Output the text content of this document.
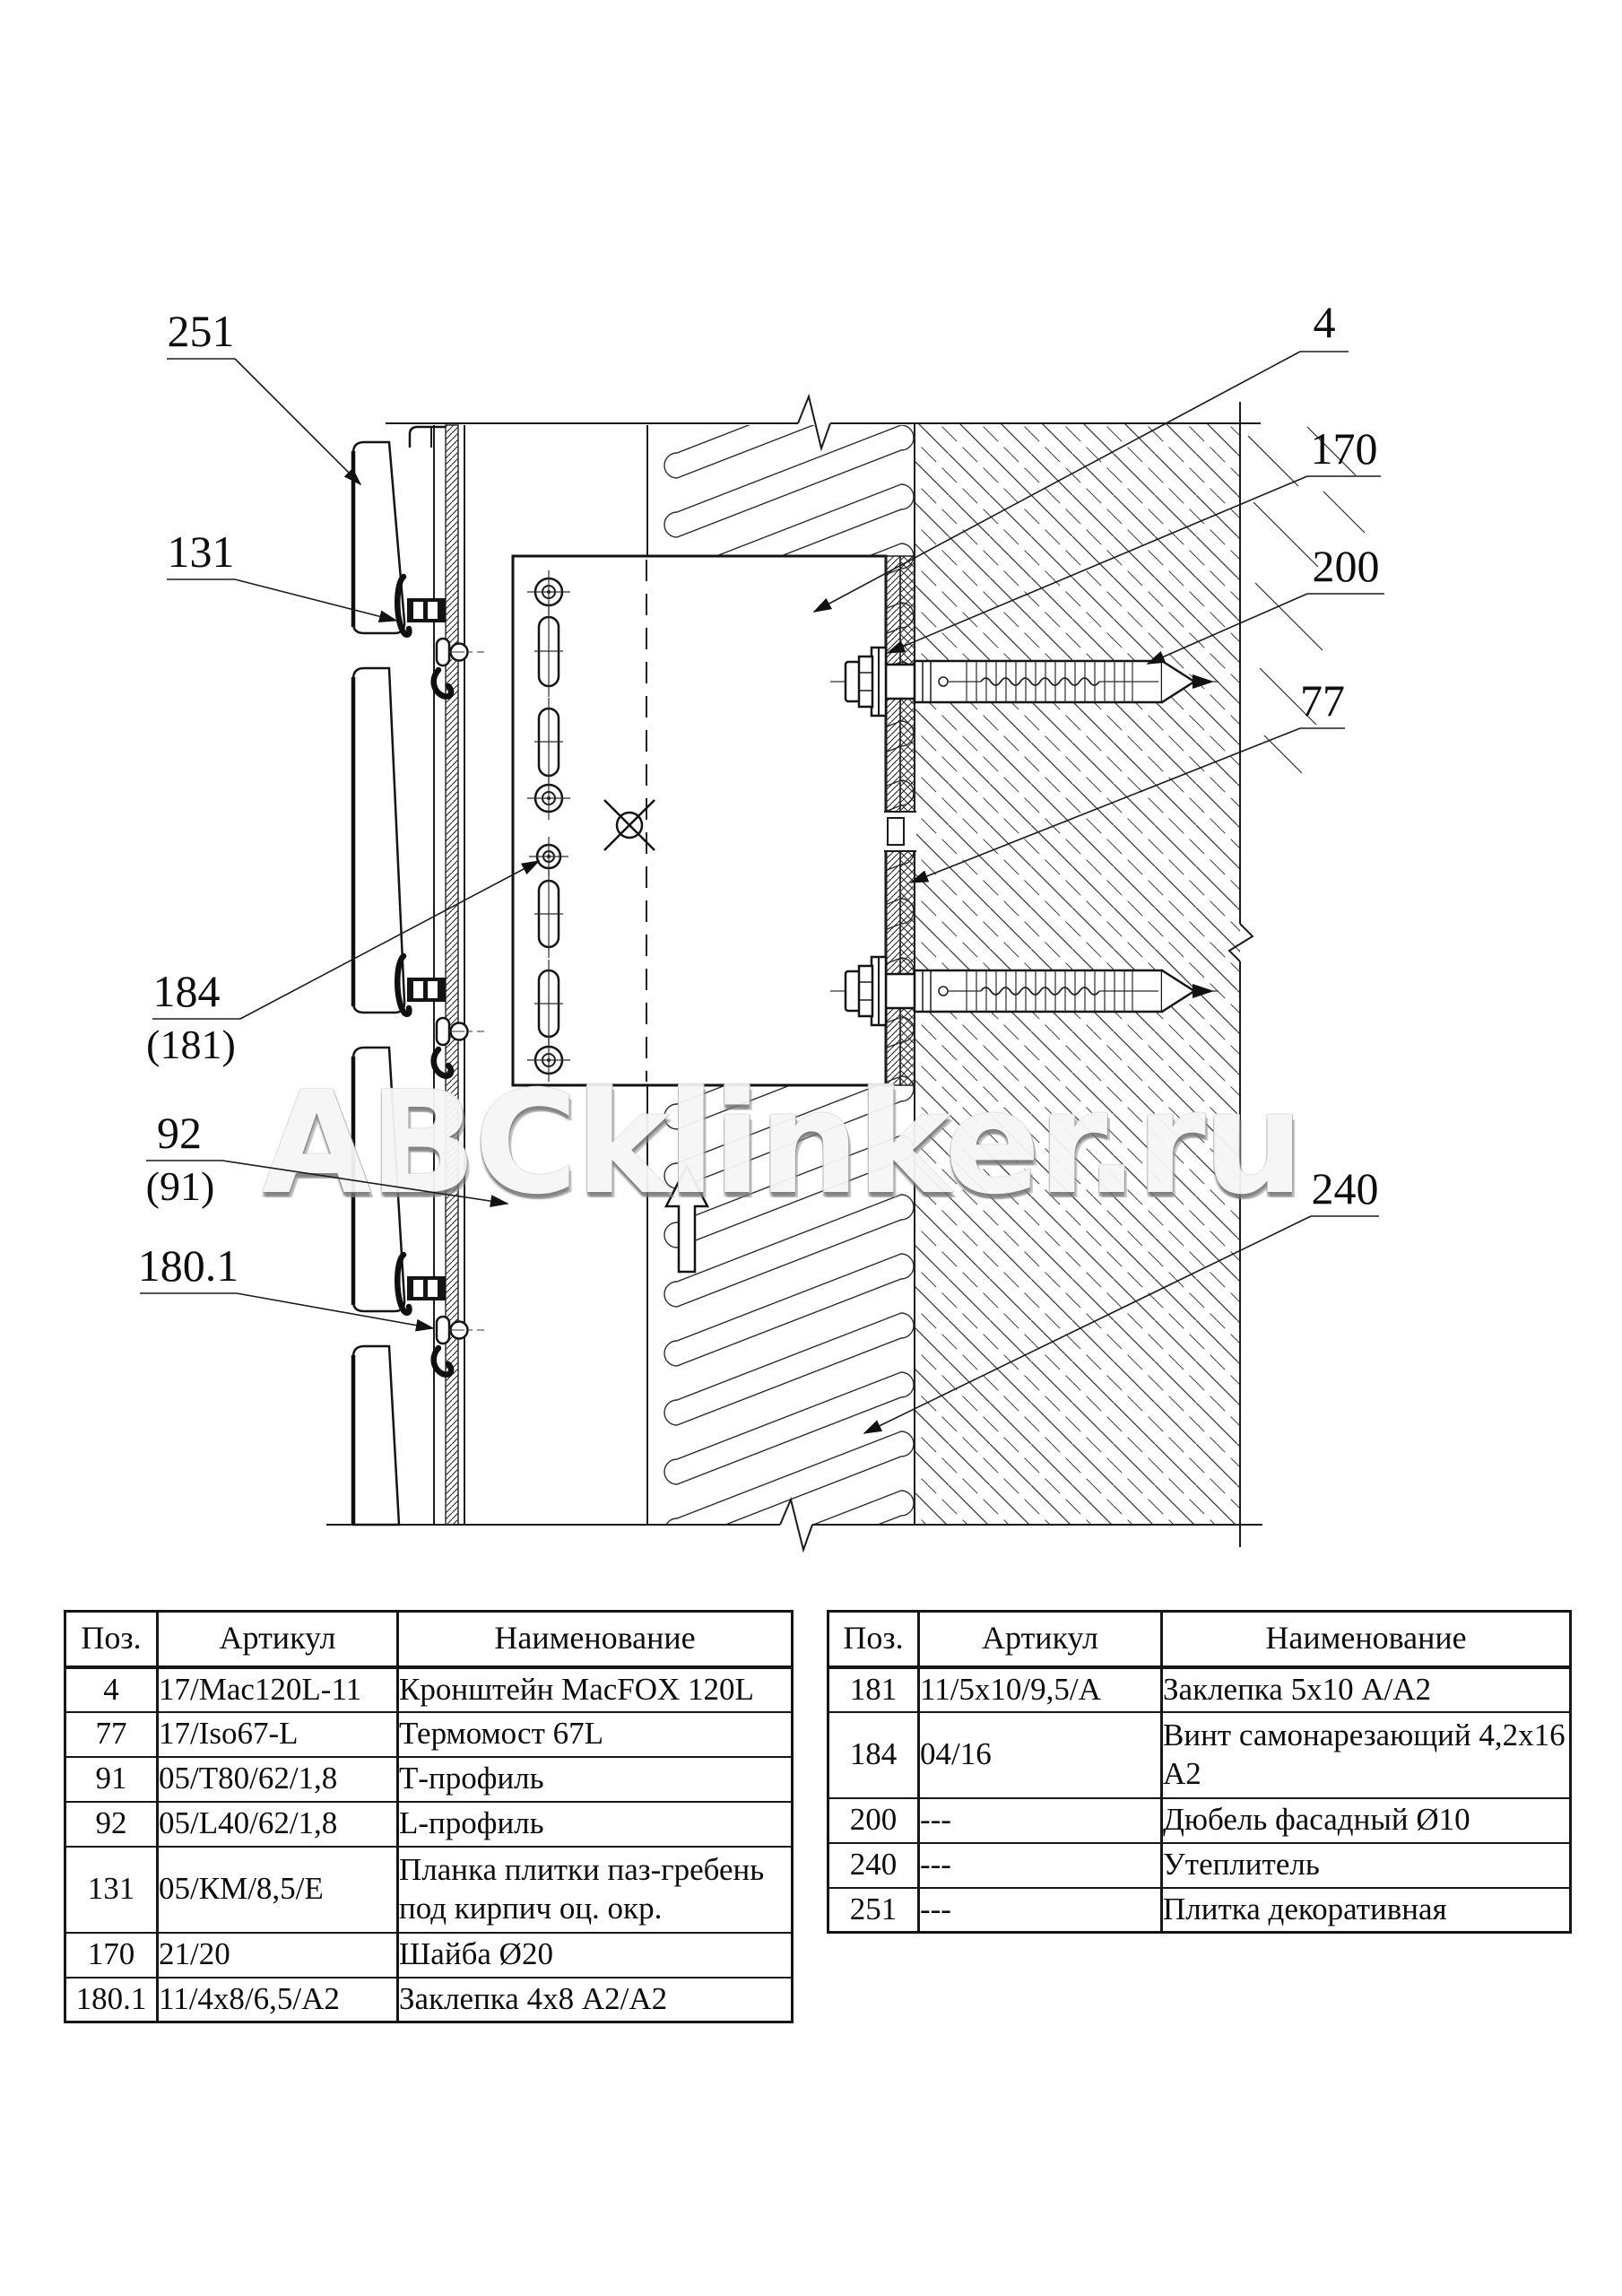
ABCklinker.ru
251
131
4
170
200
77
184
(181)
92
(91)
180.1
240
Поз.	Артикул	Наименование
4	17/Mac120L-11	Кронштейн MacFOX 120L
77	17/Iso67-L	Термомост 67L
91	05/Т80/62/1,8	Т-профиль
92	05/L40/62/1,8	L-профиль
131	05/КМ/8,5/Е	Планка плитки паз-гребень под кирпич оц. окр.
170	21/20	Шайба Ø20
180.1	11/4x8/6,5/А2	Заклепка 4x8 А2/А2
Поз.	Артикул	Наименование
181	11/5x10/9,5/А	Заклепка 5x10 А/А2
184	04/16	Винт самонарезающий 4,2x16 А2
200	---	Дюбель фасадный Ø10
240	---	Утеплитель
251	---	Плитка декоративная
